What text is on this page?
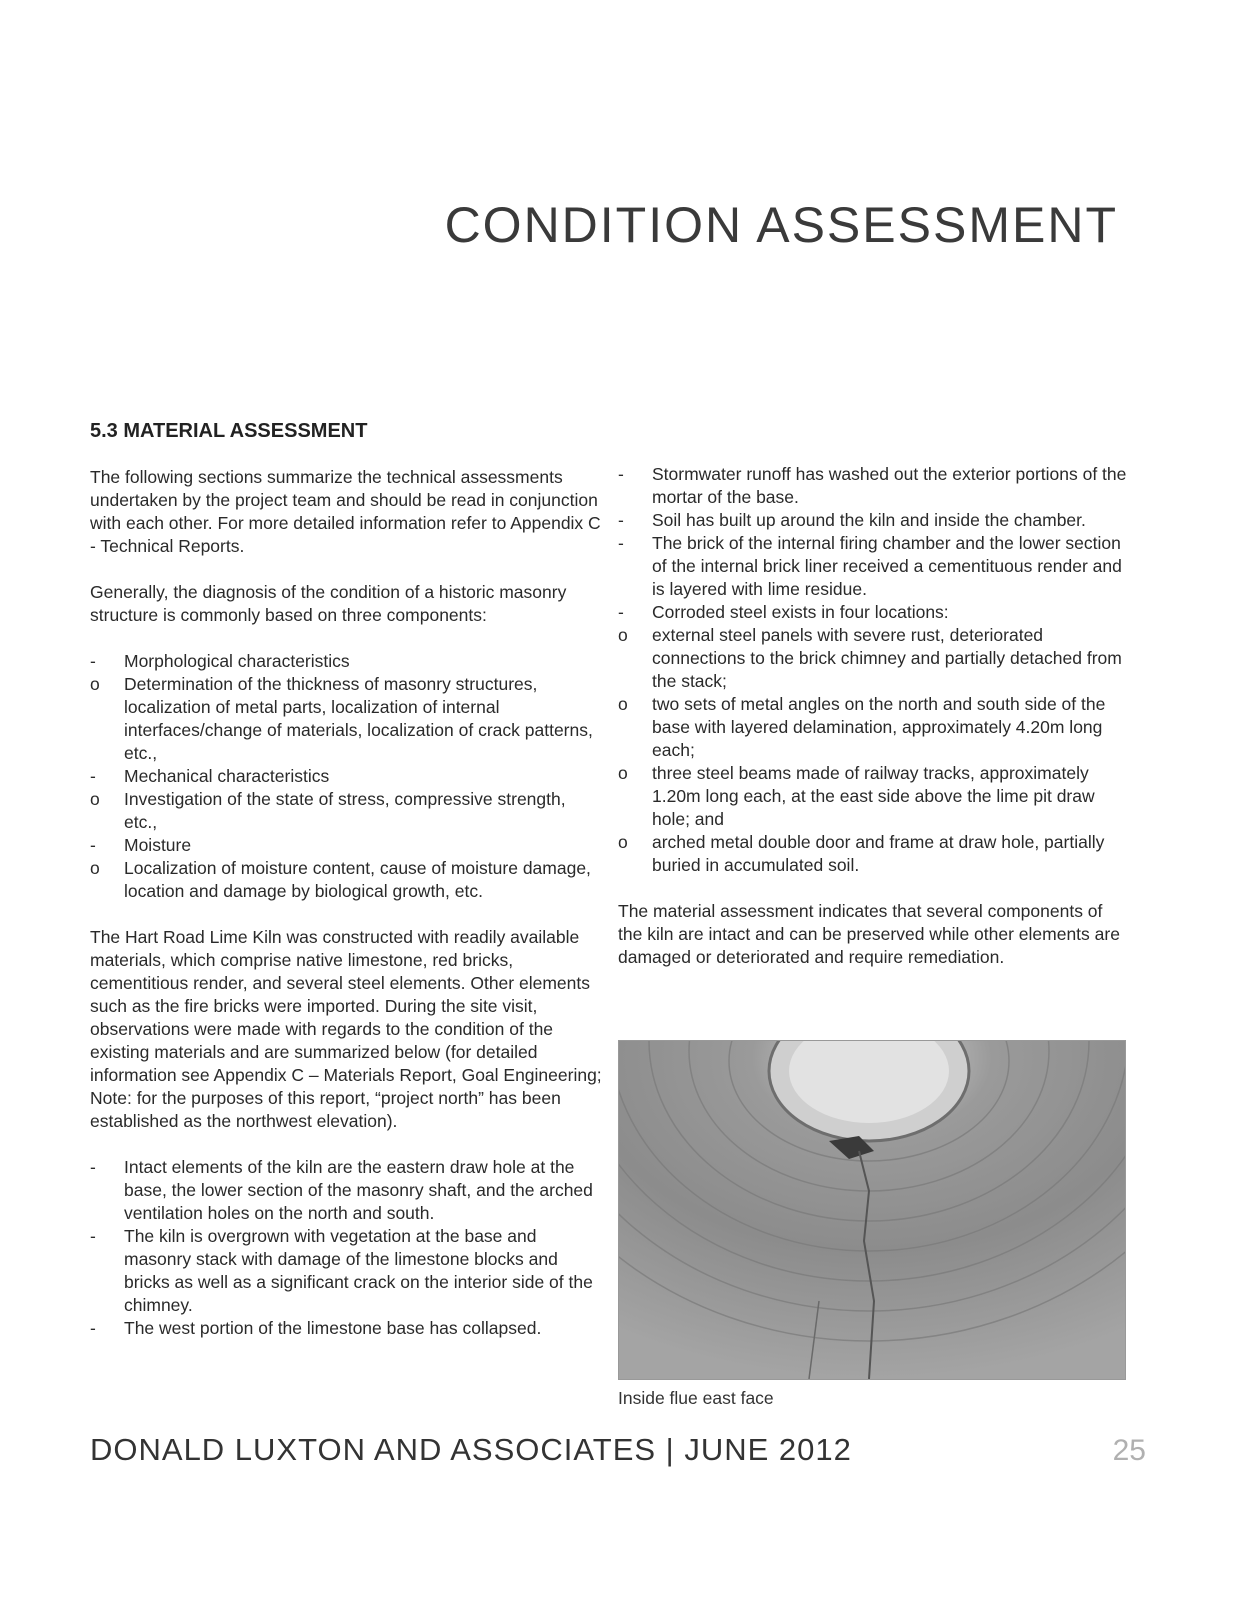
CONDITION ASSESSMENT
5.3 MATERIAL ASSESSMENT

The following sections summarize the technical assessments undertaken by the project team and should be read in conjunction with each other. For more detailed information refer to Appendix C - Technical Reports.

Generally, the diagnosis of the condition of a historic masonry structure is commonly based on three components:

-	Morphological characteristics
o	Determination of the thickness of masonry structures, localization of metal parts, localization of internal interfaces/change of materials, localization of crack patterns, etc.,
-	Mechanical characteristics
o	Investigation of the state of stress, compressive strength, etc.,
-	Moisture
o	Localization of moisture content, cause of moisture damage, location and damage by biological growth, etc.

The Hart Road Lime Kiln was constructed with readily available materials, which comprise native limestone, red bricks, cementitious render, and several steel elements. Other elements such as the fire bricks were imported. During the site visit, observations were made with regards to the condition of the existing materials and are summarized below (for detailed information see Appendix C – Materials Report, Goal Engineering; Note: for the purposes of this report, “project north” has been established as the northwest elevation).

-	Intact elements of the kiln are the eastern draw hole at the base, the lower section of the masonry shaft, and the arched ventilation holes on the north and south.
-	The kiln is overgrown with vegetation at the base and masonry stack with damage of the limestone blocks and bricks as well as a significant crack on the interior side of the chimney.
-	The west portion of the limestone base has collapsed.
-	Stormwater runoff has washed out the exterior portions of the mortar of the base.
-	Soil has built up around the kiln and inside the chamber.
-	The brick of the internal firing chamber and the lower section of the internal brick liner received a cementituous render and is layered with lime residue.
-	Corroded steel exists in four locations:
o	external steel panels with severe rust, deteriorated connections to the brick chimney and partially detached from the stack;
o	two sets of metal angles on the north and south side of the base with layered delamination, approximately 4.20m long each;
o	three steel beams made of railway tracks, approximately 1.20m long each, at the east side above the lime pit draw hole; and
o	arched metal double door and frame at draw hole, partially buried in accumulated soil.

The material assessment indicates that several components of the kiln are intact and can be preserved while other elements are damaged or deteriorated and require remediation.

Inside flue east face
DONALD LUXTON AND ASSOCIATES | JUNE 2012	25
